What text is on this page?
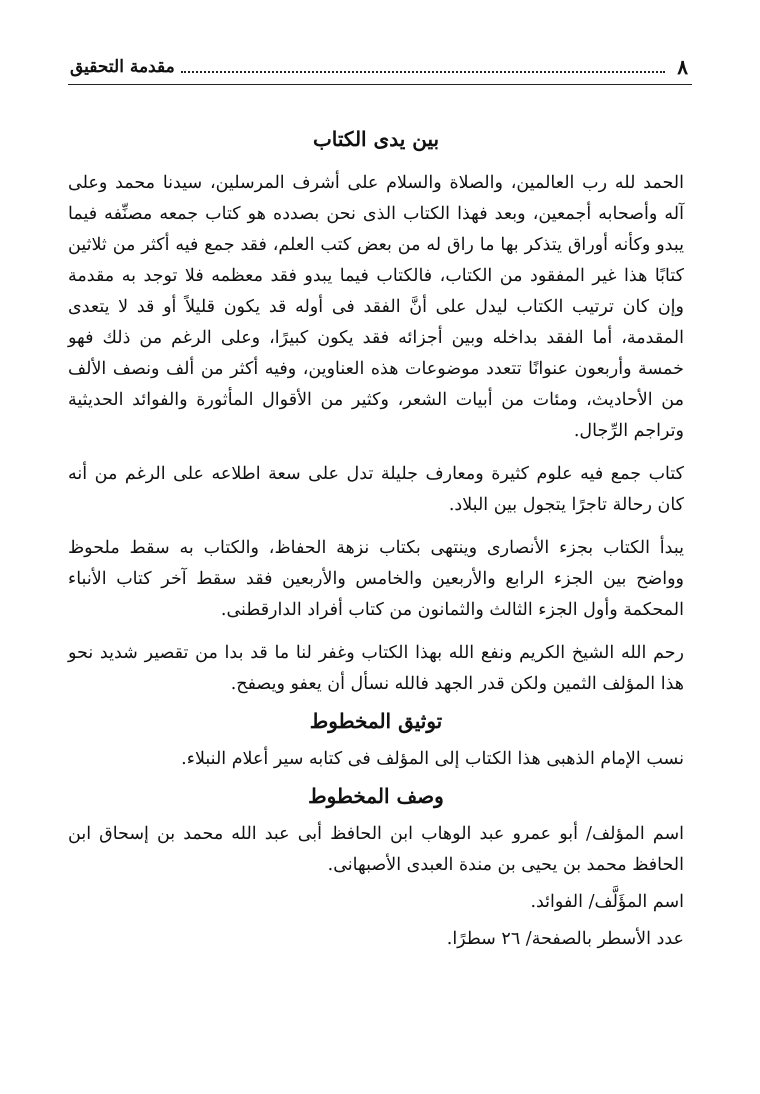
٨
مقدمة التحقيق
بين يدى الكتاب

الحمد لله رب العالمين، والصلاة والسلام على أشرف المرسلين، سيدنا محمد وعلى آله وأصحابه أجمعين، وبعد فهذا الكتاب الذى نحن بصدده هو كتاب جمعه مصنِّفه فيما يبدو وكأنه أوراق يتذكر بها ما راق له من بعض كتب العلم، فقد جمع فيه أكثر من ثلاثين كتابًا هذا غير المفقود من الكتاب، فالكتاب فيما يبدو فقد معظمه فلا توجد به مقدمة وإن كان ترتيب الكتاب ليدل على أنَّ الفقد فى أوله قد يكون قليلاً أو قد لا يتعدى المقدمة، أما الفقد بداخله وبين أجزائه فقد يكون كبيرًا، وعلى الرغم من ذلك فهو خمسة وأربعون عنوانًا تتعدد موضوعات هذه العناوين، وفيه أكثر من ألف ونصف الألف من الأحاديث، ومئات من أبيات الشعر، وكثير من الأقوال المأثورة والفوائد الحديثية وتراجم الرِّجال.

كتاب جمع فيه علوم كثيرة ومعارف جليلة تدل على سعة اطلاعه على الرغم من أنه كان رحالة تاجرًا يتجول بين البلاد.

يبدأ الكتاب بجزء الأنصارى وينتهى بكتاب نزهة الحفاظ، والكتاب به سقط ملحوظ وواضح بين الجزء الرابع والأربعين والخامس والأربعين فقد سقط آخر كتاب الأنباء المحكمة وأول الجزء الثالث والثمانون من كتاب أفراد الدارقطنى.

رحم الله الشيخ الكريم ونفع الله بهذا الكتاب وغفر لنا ما قد بدا من تقصير شديد نحو هذا المؤلف الثمين ولكن قدر الجهد فالله نسأل أن يعفو ويصفح.

توثيق المخطوط

نسب الإمام الذهبى هذا الكتاب إلى المؤلف فى كتابه سير أعلام النبلاء.

وصف المخطوط

اسم المؤلف/ أبو عمرو عبد الوهاب ابن الحافظ أبى عبد الله محمد بن إسحاق ابن الحافظ محمد بن يحيى بن مندة العبدى الأصبهانى.

اسم المؤَلَّف/ الفوائد.

عدد الأسطر بالصفحة/ ٢٦ سطرًا.
